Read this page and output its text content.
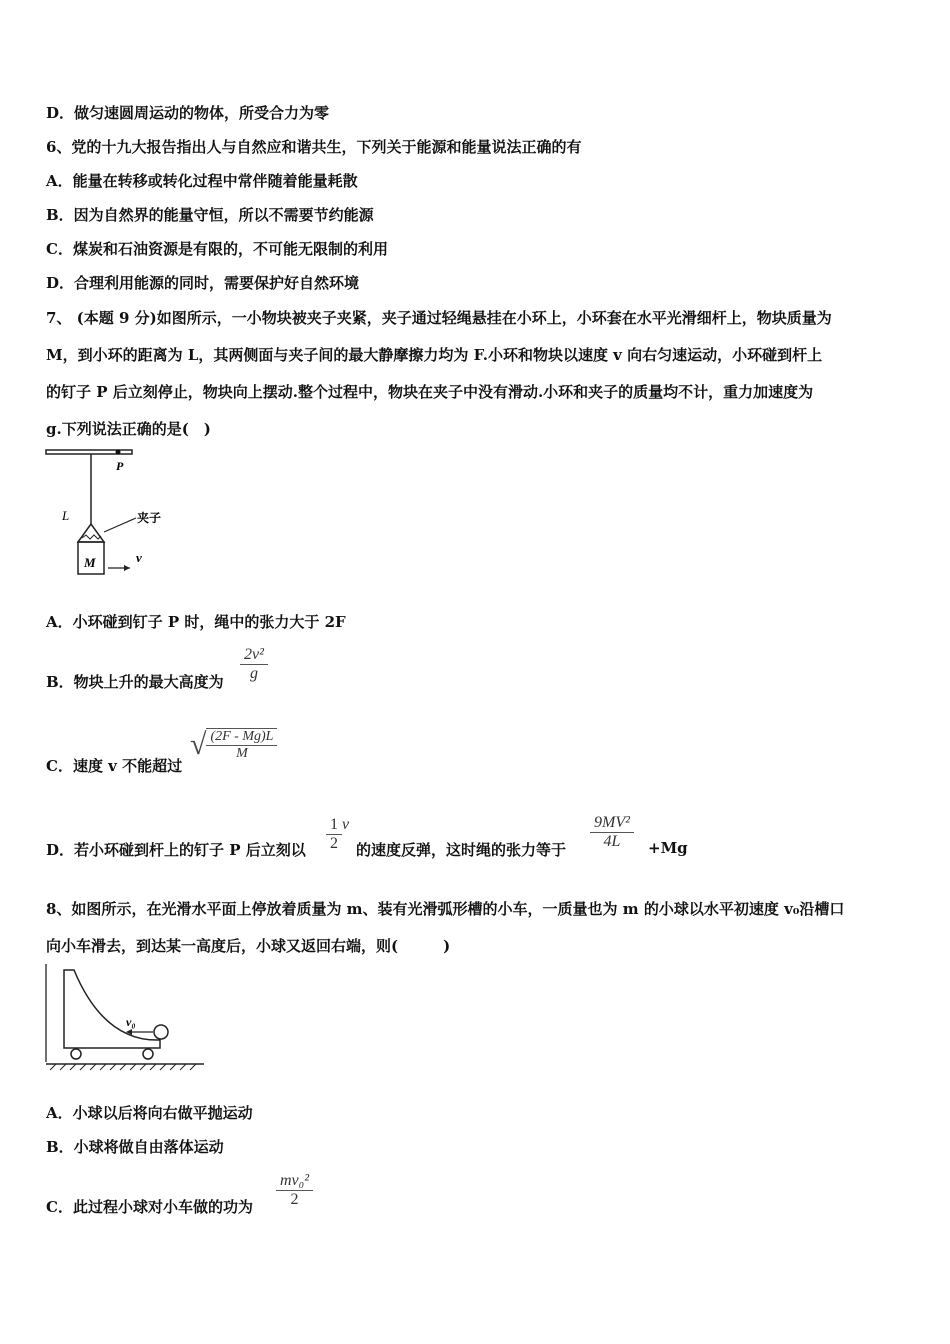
D．做匀速圆周运动的物体，所受合力为零
6、党的十九大报告指出人与自然应和谐共生，下列关于能源和能量说法正确的有
A．能量在转移或转化过程中常伴随着能量耗散
B．因为自然界的能量守恒，所以不需要节约能源
C．煤炭和石油资源是有限的，不可能无限制的利用
D．合理利用能源的同时，需要保护好自然环境
7、 (本题 9 分)如图所示，一小物块被夹子夹紧，夹子通过轻绳悬挂在小环上，小环套在水平光滑细杆上，物块质量为
M，到小环的距离为 L，其两侧面与夹子间的最大静摩擦力均为 F.小环和物块以速度 v 向右匀速运动，小环碰到杆上
的钉子 P 后立刻停止，物块向上摆动.整个过程中，物块在夹子中没有滑动.小环和夹子的质量均不计，重力加速度为
g.下列说法正确的是(　)
P
L	夹子
M	v
A．小环碰到钉子 P 时，绳中的张力大于 2F
B．物块上升的最大高度为 $\frac{\text{2v²}}{g}$
C．速度 v 不能超过
√ $\frac{(2F - Mg)L}{M}$
D．若小环碰到杆上的钉子 P 后立刻以 $\frac{1}{2}$ v
的速度反弹，这时绳的张力等于 $\frac{\text{9MV²}}{4L} +Mg$
8、如图所示，在光滑水平面上停放着质量为 m、装有光滑弧形槽的小车，一质量也为 m 的小球以水平初速度 v₀沿槽口
向小车滑去，到达某一高度后，小球又返回右端，则(　　　)
v₀
A．小球以后将向右做平抛运动
B．小球将做自由落体运动
C．此过程小球对小车做的功为 $\frac{\text{mv₀²}}{2}$
